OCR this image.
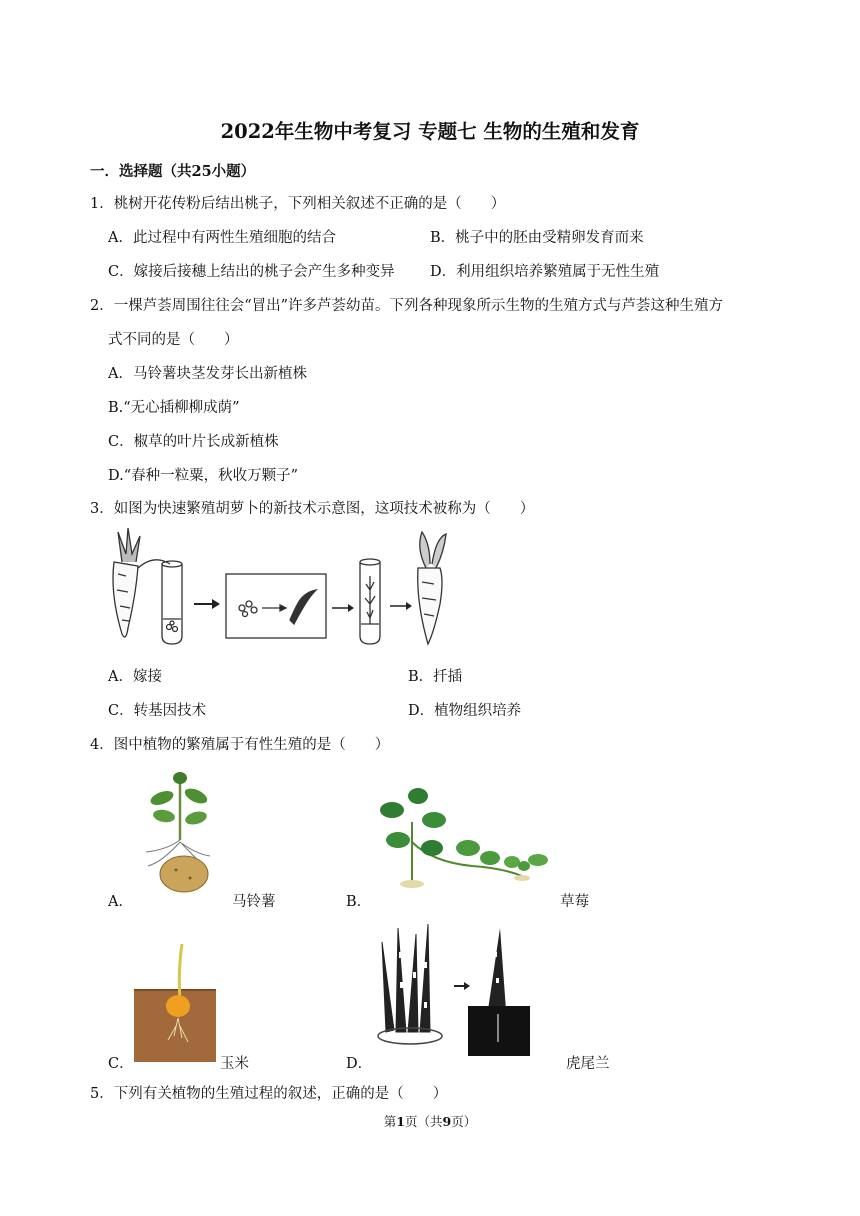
2022年生物中考复习 专题七 生物的生殖和发育
一．选择题（共25小题）
1．桃树开花传粉后结出桃子，下列相关叙述不正确的是（　　）
A．此过程中有两性生殖细胞的结合	B．桃子中的胚由受精卵发育而来
C．嫁接后接穗上结出的桃子会产生多种变异 D．利用组织培养繁殖属于无性生殖
2．一棵芦荟周围往往会“冒出”许多芦荟幼苗。下列各种现象所示生物的生殖方式与芦荟这种生殖方
式不同的是（　　）
A．马铃薯块茎发芽长出新植株
B.“无心插柳柳成荫”
C．椒草的叶片长成新植株
D.“春种一粒粟，秋收万颗子”
3．如图为快速繁殖胡萝卜的新技术示意图，这项技术被称为（　　）
A．嫁接	B．扦插
C．转基因技术	D．植物组织培养
4．图中植物的繁殖属于有性生殖的是（　　）
A．	马铃薯	B．	草莓
C．	玉米	D．	虎尾兰
5．下列有关植物的生殖过程的叙述，正确的是（　　）
第1页（共9页）
